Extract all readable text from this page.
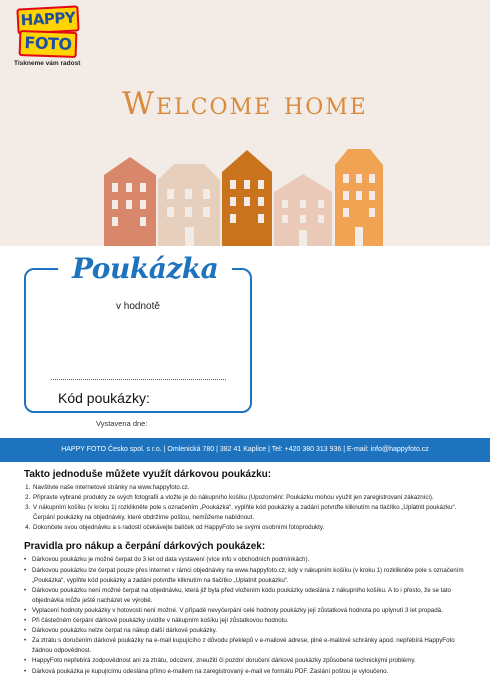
HAPPY
FOTO
Tiskneme vám radost
Welcome home
Poukázka
v hodnotě
Kód poukázky:
Vystavena dne:
HAPPY FOTO Česko spol. s r.o. | Omlenická 780 | 382 41 Kaplice | Tel: +420 380 313 936 | E-mail: info@happyfoto.cz
Takto jednoduše můžete využít dárkovou poukázku:
1. Navštivte naše internetové stránky na www.happyfoto.cz.
2. Připravte vybrané produkty ze svých fotografií a vložte je do nákupního košíku (Upozornění: Poukázku mohou využít jen zaregistrovaní zákazníci).
3. V nákupním košíku (v kroku 1) rozklikněte pole s označením „Poukázka“, vyplňte kód poukázky a zadání potvrďte kliknutím na tlačítko „Uplatnit poukázku“. Čerpání poukázky na objednávky, které obdržíme poštou, nemůžeme nabídnout.
4. Dokončete svou objednávku a s radostí očekávejte balíček od HappyFoto se svými osobními fotoprodukty.
Pravidla pro nákup a čerpání dárkových poukázek:
• Dárkovou poukázku je možné čerpat do 3 let od data vystavení (více info v obchodních podmínkách).
• Dárkovou poukázku lze čerpat pouze přes internet v rámci objednávky na www.happyfoto.cz, kdy v nákupním košíku (v kroku 1) rozklikněte pole s označením „Poukázka“, vyplňte kód poukázky a zadání potvrďte kliknutím na tlačítko „Uplatnit poukázku“.
• Dárkovou poukázku není možné čerpat na objednávku, která již byla před vložením kódu poukázky odeslána z nákupního košíku. A to i přesto, že se tato objednávka může ještě nacházet ve výrobě.
• Vyplacení hodnoty poukázky v hotovosti není možné. V případě nevyčerpání celé hodnoty poukázky její zůstatková hodnota po uplynutí 3 let propadá.
• Při částečném čerpání dárkové poukázky uvidíte v nákupním košíku její zůstatkovou hodnotu.
• Dárkovou poukázku nelze čerpat na nákup další dárkové poukázky.
• Za ztrátu s doručením dárkové poukázky na e-mail kupujícího z důvodu překlepů v e-mailové adrese, plné e-mailové schránky apod. nepřebírá HappyFoto žádnou odpovědnost.
• HappyFoto nepřebírá zodpovědnost ani za ztrátu, odcizení, zneužití či pozdní doručení dárkové poukázky způsobené technickými problémy.
• Dárková poukázka je kupujícímu odeslána přímo e-mailem na zaregistrovaný e-mail ve formátu PDF. Zaslání poštou je vyloučeno.
